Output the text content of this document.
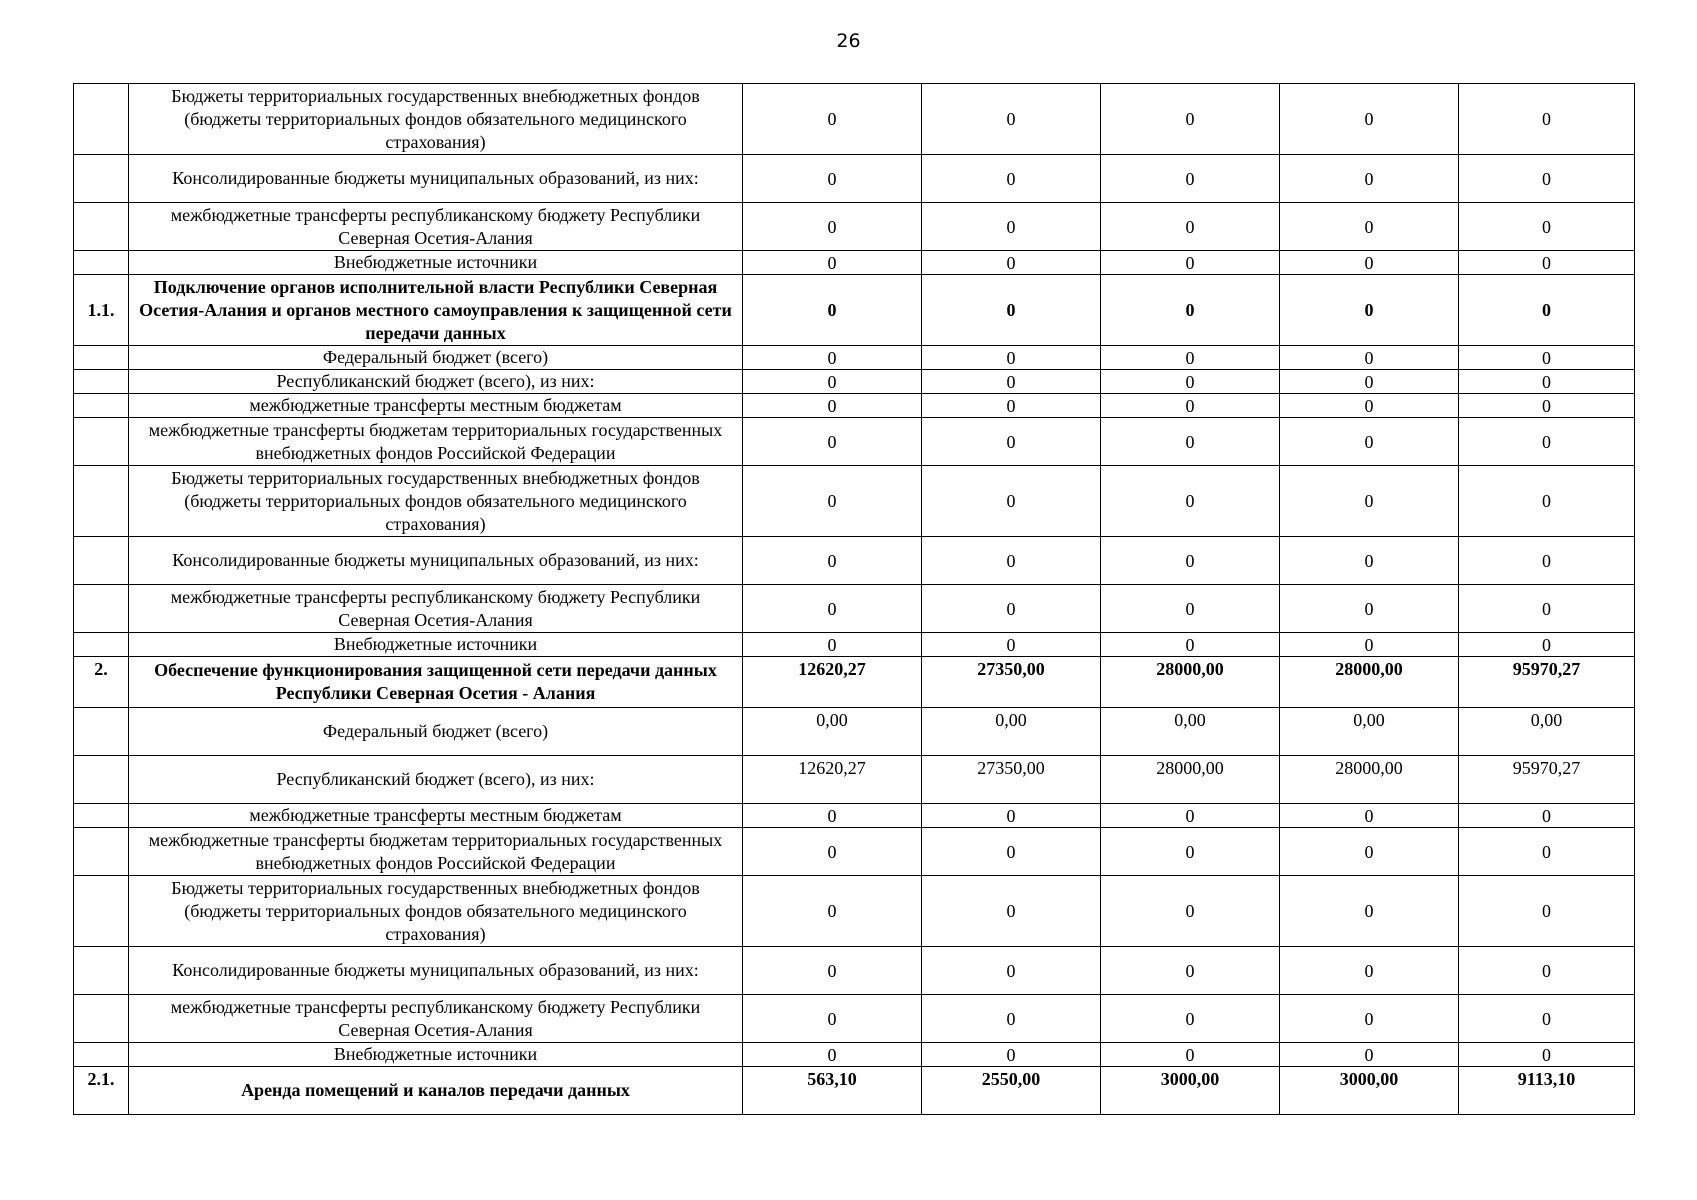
26
	Бюджеты территориальных государственных внебюджетных фондов (бюджеты территориальных фондов обязательного медицинского страхования)	0	0	0	0	0
	Консолидированные бюджеты муниципальных образований, из них:	0	0	0	0	0
	межбюджетные трансферты республиканскому бюджету Республики Северная Осетия-Алания	0	0	0	0	0
	Внебюджетные источники	0	0	0	0	0
1.1.	Подключение органов исполнительной власти Республики Северная Осетия-Алания и органов местного самоуправления к защищенной сети передачи данных	0	0	0	0	0
	Федеральный бюджет (всего)	0	0	0	0	0
	Республиканский бюджет (всего), из них:	0	0	0	0	0
	межбюджетные трансферты местным бюджетам	0	0	0	0	0
	межбюджетные трансферты бюджетам территориальных государственных внебюджетных фондов Российской Федерации	0	0	0	0	0
	Бюджеты территориальных государственных внебюджетных фондов (бюджеты территориальных фондов обязательного медицинского страхования)	0	0	0	0	0
	Консолидированные бюджеты муниципальных образований, из них:	0	0	0	0	0
	межбюджетные трансферты республиканскому бюджету Республики Северная Осетия-Алания	0	0	0	0	0
	Внебюджетные источники	0	0	0	0	0
2.	Обеспечение функционирования защищенной сети передачи данных Республики Северная Осетия - Алания	12620,27	27350,00	28000,00	28000,00	95970,27
	Федеральный бюджет (всего)	0,00	0,00	0,00	0,00	0,00
	Республиканский бюджет (всего), из них:	12620,27	27350,00	28000,00	28000,00	95970,27
	межбюджетные трансферты местным бюджетам	0	0	0	0	0
	межбюджетные трансферты бюджетам территориальных государственных внебюджетных фондов Российской Федерации	0	0	0	0	0
	Бюджеты территориальных государственных внебюджетных фондов (бюджеты территориальных фондов обязательного медицинского страхования)	0	0	0	0	0
	Консолидированные бюджеты муниципальных образований, из них:	0	0	0	0	0
	межбюджетные трансферты республиканскому бюджету Республики Северная Осетия-Алания	0	0	0	0	0
	Внебюджетные источники	0	0	0	0	0
2.1.	Аренда помещений и каналов передачи данных	563,10	2550,00	3000,00	3000,00	9113,10
